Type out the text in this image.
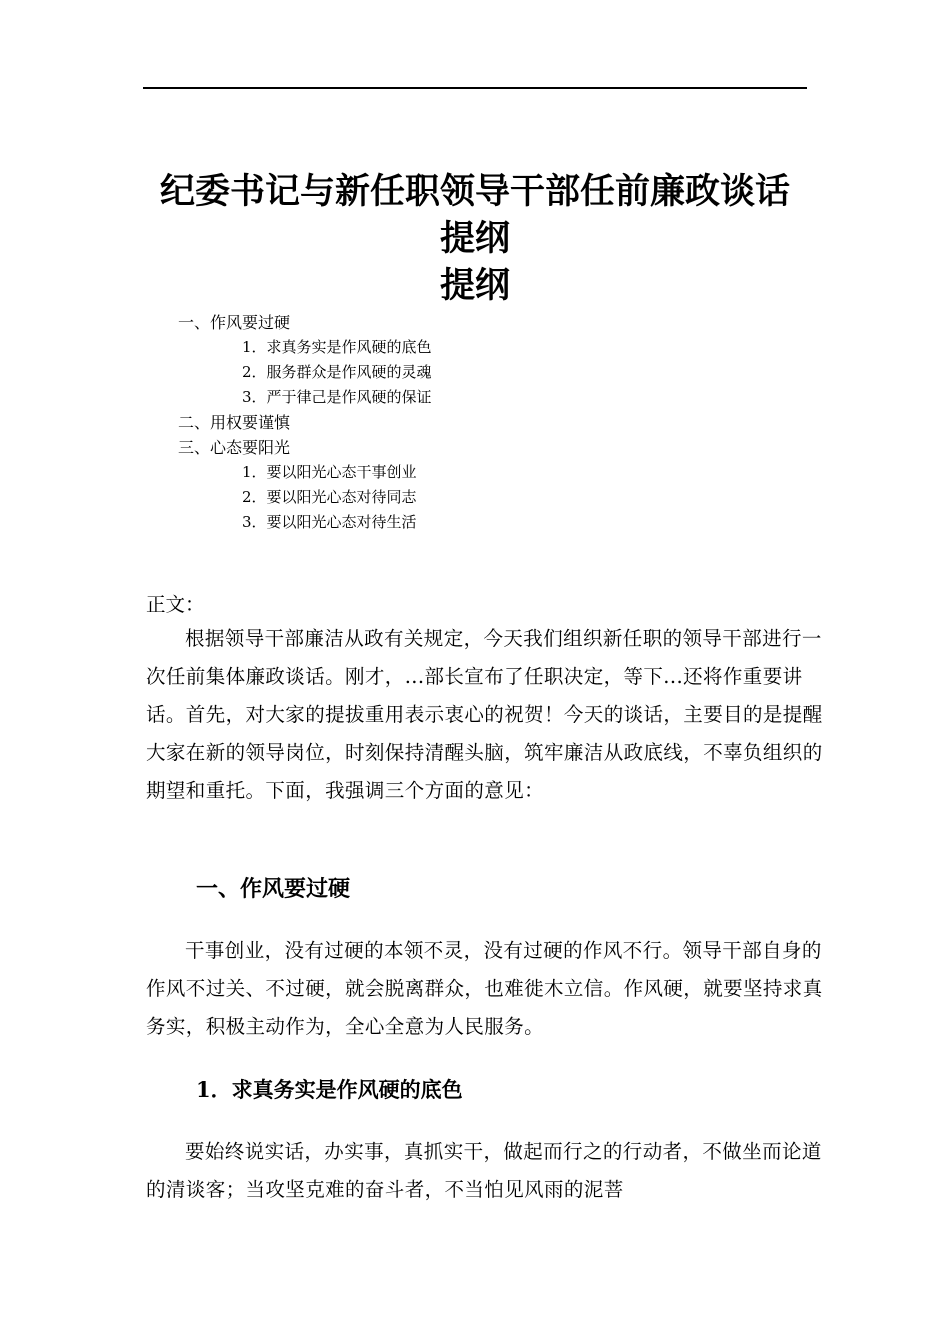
纪委书记与新任职领导干部任前廉政谈话
提纲
提纲
一、作风要过硬
1．求真务实是作风硬的底色
2．服务群众是作风硬的灵魂
3．严于律己是作风硬的保证
二、用权要谨慎
三、心态要阳光
1．要以阳光心态干事创业
2．要以阳光心态对待同志
3．要以阳光心态对待生活
正文：

根据领导干部廉洁从政有关规定，今天我们组织新任职的领导干部进行一次任前集体廉政谈话。刚才，...部长宣布了任职决定，等下...还将作重要讲话。首先，对大家的提拔重用表示衷心的祝贺！今天的谈话，主要目的是提醒大家在新的领导岗位，时刻保持清醒头脑，筑牢廉洁从政底线，不辜负组织的期望和重托。下面，我强调三个方面的意见：

一、作风要过硬

干事创业，没有过硬的本领不灵，没有过硬的作风不行。领导干部自身的作风不过关、不过硬，就会脱离群众，也难徙木立信。作风硬，就要坚持求真务实，积极主动作为，全心全意为人民服务。

1．求真务实是作风硬的底色

要始终说实话，办实事，真抓实干，做起而行之的行动者，不做坐而论道的清谈客；当攻坚克难的奋斗者，不当怕见风雨的泥菩
